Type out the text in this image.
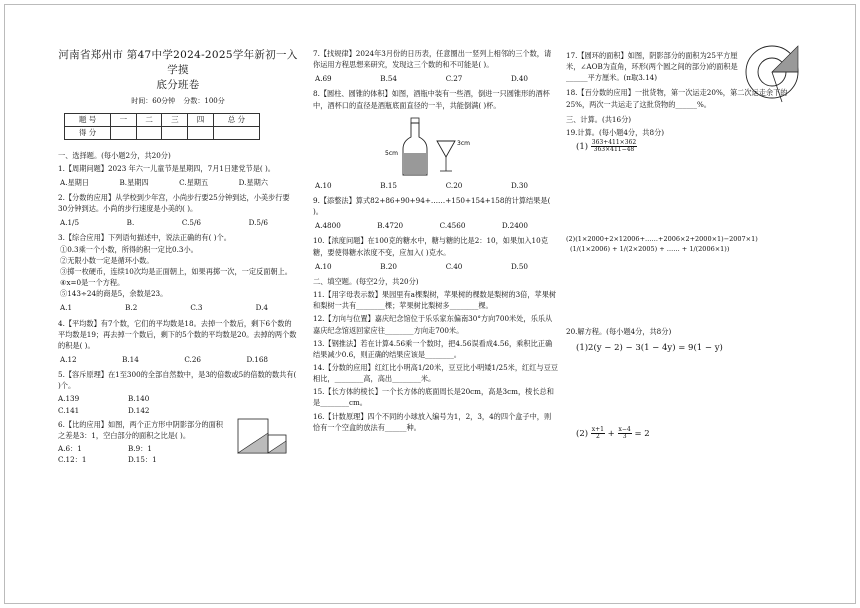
河南省郑州市 第47中学2024-2025学年新初一入学摸
底分班卷
时间：60分钟 分数：100分
题 号	一	二	三	四	总 分
得 分					
一、选择题。(每小题2分，共20分)
1.【周期问题】2023 年六一儿童节是星期四，7月1日建党节是( )。
A.星期日	B.星期四	C.星期五	D.星期六
2.【分数的应用】从学校到少年宫，小尚步行要25分钟到达，小美步行要30分钟到达。小尚的步行速度是小美的( )。
A.1/5	B.	C.5/6	D.5/6
3.【综合应用】下列语句描述中，说法正确的有( )个。
①0.3乘一个小数，所得的积一定比0.3小。
②无限小数一定是循环小数。
③掷一枚硬币，连续10次均是正面朝上，如果再掷一次，一定反面朝上。
④x=0是一个方程。
⑤143÷24的商是5，余数是23。
A.1	B.2	C.3	D.4
4.【平均数】有7个数，它们的平均数是18。去掉一个数后，剩下6个数的平均数是19；再去掉一个数后，剩下的5个数的平均数是20。去掉的两个数的积是( )。
A.12	B.14	C.26	D.168
5.【容斥原理】在1至300的全部自然数中，是3的倍数或5的倍数的数共有( )个。
A.139	B.140
C.141	D.142
6.【比的应用】如图，两个正方形中阴影部分的面积之差是3：1，空白部分的面积之比是( )。
A.6：1	B.9：1
C.12：1	D.15：1
7.【找规律】2024年3月份的日历表，任意圈出一竖列上相邻的三个数，请你运用方程思想来研究，发现这三个数的和不可能是( )。
A.69	B.54	C.27	D.40
8.【圆柱、圆锥的体积】如图，酒瓶中装有一些酒，倒进一只圆锥形的酒杯中，酒杯口的直径是酒瓶底面直径的一半，共能倒满( )杯。
5cm
3cm
A.10	B.15	C.20	D.30
9.【添整法】算式82+86+90+94+……+150+154+158的计算结果是( )。
A.4800	B.4720	C.4560	D.2400
10.【浓度问题】在100克的糖水中，糖与糖的比是2：10，如果加入10克糖，要使得糖水浓度不变，应加入( )克水。
A.10	B.20	C.40	D.50
二、填空题。(每空2分，共20分)
11.【用字母表示数】果园里有a棵梨树，苹果树的棵数是梨树的3倍，苹果树和梨树一共有________棵；苹果树比梨树多________棵。
12.【方向与位置】嘉庆纪念馆位于乐乐家东偏南30°方向700米处，乐乐从嘉庆纪念馆返回家应往________方向走700米。
13.【钢推法】若在计算4.56乘一个数时，把4.56误看成4.56，乘积比正确结果减少0.6，则正确的结果应该是________。
14.【分数的应用】红红比小明高1/20米，豆豆比小明矮1/25米，红红与豆豆相比，________高，高出________米。
15.【长方体的棱长】一个长方体的底面周长是20cm，高是3cm，棱长总和是________cm。
16.【计数原理】四个不同的小球放入编号为1，2，3，4的四个盒子中，则恰有一个空盒的放法有______种。
17.【圆环的面积】如图，阴影部分的面积为25平方厘米，∠AOB为直角，环形(两个圆之间的部分)的面积是______平方厘米。(π取3.14)
18.【百分数的应用】一批货物，第一次运走20%，第二次运走余下的25%，两次一共运走了这批货物的______%。
三、计算。(共16分)
19.计算。(每小题4分，共8分)
$(1) \frac{363+411\times 362}{363\times 411-48}$
(2)(1×2000+2×12006+……+2006×2+2000×1)−2007×1)
(1/(1×2006) + 1/(2×2005) + …… + 1/(2006×1))
20.解方程。(每小题4分，共8分)
(1)2(y − 2) − 3(1 − 4y) = 9(1 − y)
$(2) \frac{x+1}{2} + \frac{x-4}{3} = 2$
